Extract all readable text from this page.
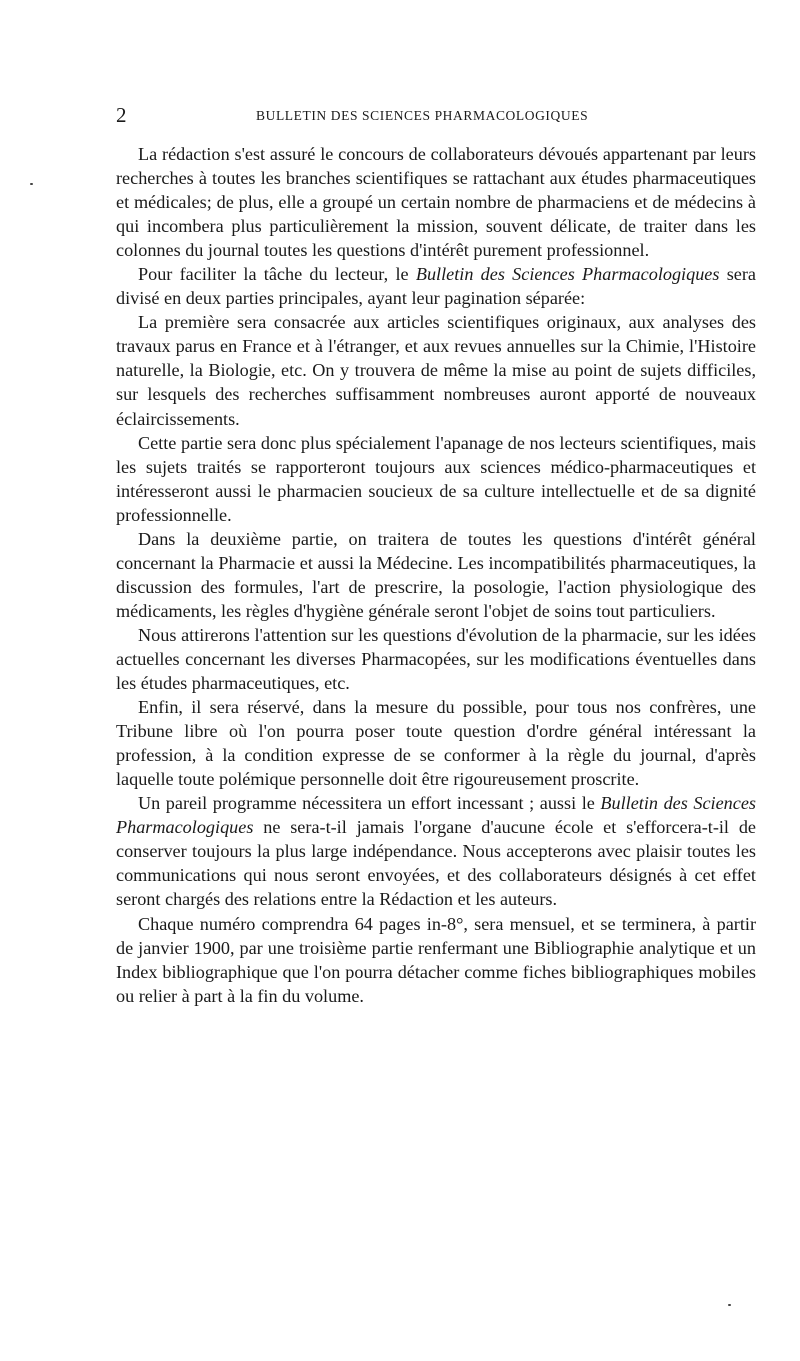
2	BULLETIN DES SCIENCES PHARMACOLOGIQUES

La rédaction s'est assuré le concours de collaborateurs dévoués appartenant par leurs recherches à toutes les branches scientifiques se rattachant aux études pharmaceutiques et médicales; de plus, elle a groupé un certain nombre de pharmaciens et de médecins à qui incombera plus particulièrement la mission, souvent délicate, de traiter dans les colonnes du journal toutes les questions d'intérêt purement professionnel.

Pour faciliter la tâche du lecteur, le Bulletin des Sciences Pharmacologiques sera divisé en deux parties principales, ayant leur pagination séparée:

La première sera consacrée aux articles scientifiques originaux, aux analyses des travaux parus en France et à l'étranger, et aux revues annuelles sur la Chimie, l'Histoire naturelle, la Biologie, etc. On y trouvera de même la mise au point de sujets difficiles, sur lesquels des recherches suffisamment nombreuses auront apporté de nouveaux éclaircissements.

Cette partie sera donc plus spécialement l'apanage de nos lecteurs scientifiques, mais les sujets traités se rapporteront toujours aux sciences médico-pharmaceutiques et intéresseront aussi le pharmacien soucieux de sa culture intellectuelle et de sa dignité professionnelle.

Dans la deuxième partie, on traitera de toutes les questions d'intérêt général concernant la Pharmacie et aussi la Médecine. Les incompatibilités pharmaceutiques, la discussion des formules, l'art de prescrire, la posologie, l'action physiologique des médicaments, les règles d'hygiène générale seront l'objet de soins tout particuliers.

Nous attirerons l'attention sur les questions d'évolution de la pharmacie, sur les idées actuelles concernant les diverses Pharmacopées, sur les modifications éventuelles dans les études pharmaceutiques, etc.

Enfin, il sera réservé, dans la mesure du possible, pour tous nos confrères, une Tribune libre où l'on pourra poser toute question d'ordre général intéressant la profession, à la condition expresse de se conformer à la règle du journal, d'après laquelle toute polémique personnelle doit être rigoureusement proscrite.

Un pareil programme nécessitera un effort incessant ; aussi le Bulletin des Sciences Pharmacologiques ne sera-t-il jamais l'organe d'aucune école et s'efforcera-t-il de conserver toujours la plus large indépendance. Nous accepterons avec plaisir toutes les communications qui nous seront envoyées, et des collaborateurs désignés à cet effet seront chargés des relations entre la Rédaction et les auteurs.

Chaque numéro comprendra 64 pages in-8°, sera mensuel, et se terminera, à partir de janvier 1900, par une troisième partie renfermant une Bibliographie analytique et un Index bibliographique que l'on pourra détacher comme fiches bibliographiques mobiles ou relier à part à la fin du volume.
